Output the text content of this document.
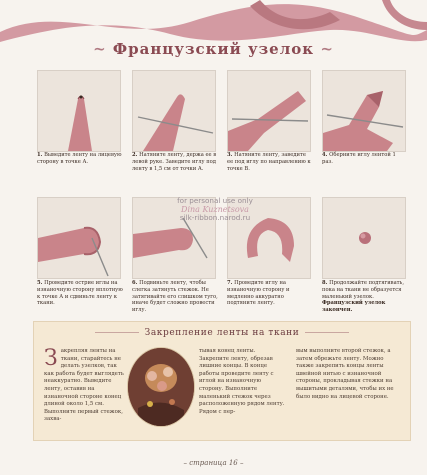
~ Французский узелок ~
1. Выведите ленту на лицевую сторону в точке А.
2. Натяните ленту, держа ее в левой руке. Заведите иглу под ленту в 1,5 см от точки А.
3. Натяните ленту, заведите ее под иглу по направлению к точке В.
4. Оберните иглу лентой 1 раз.
for personal use only
Dina Kuznetsova
silk-ribbon.narod.ru
5. Проведите острие иглы на изнаночную сторону вплотную к точке А и сдвиньте ленту к ткани.
6. Подвиньте ленту, чтобы слегка затянуть стежок. Не затягивайте его слишком туго, иначе будет сложно провести иглу.
7. Проведите иглу на изнаночную сторону и медленно аккуратно подтяните ленту.
8. Продолжайте подтягивать, пока на ткани не образуется маленький узелок. Французский узелок закончен.
Закрепление ленты на ткани
Закрепляя ленты на ткани, старайтесь не делать узелков, так как работа будет выглядеть неаккуратно. Выведите ленту, оставив на изнаночной стороне конец длиной около 1,5 см. Выполните первый стежок, захва-
тывая конец ленты. Закрепите ленту, обрезав лишние концы. В конце работы проведите ленту с иглой на изнаночную сторону. Выполните маленький стежок через расположенную рядом ленту. Рядом с пер-
вым выполните второй стежок, а затем обрежьте ленту. Можно также закрепить концы ленты швейной нитью с изнаночной стороны, прокладывая стежки на вышитыми деталями, чтобы их не было видно на лицевой стороне.
– страница 16 –
